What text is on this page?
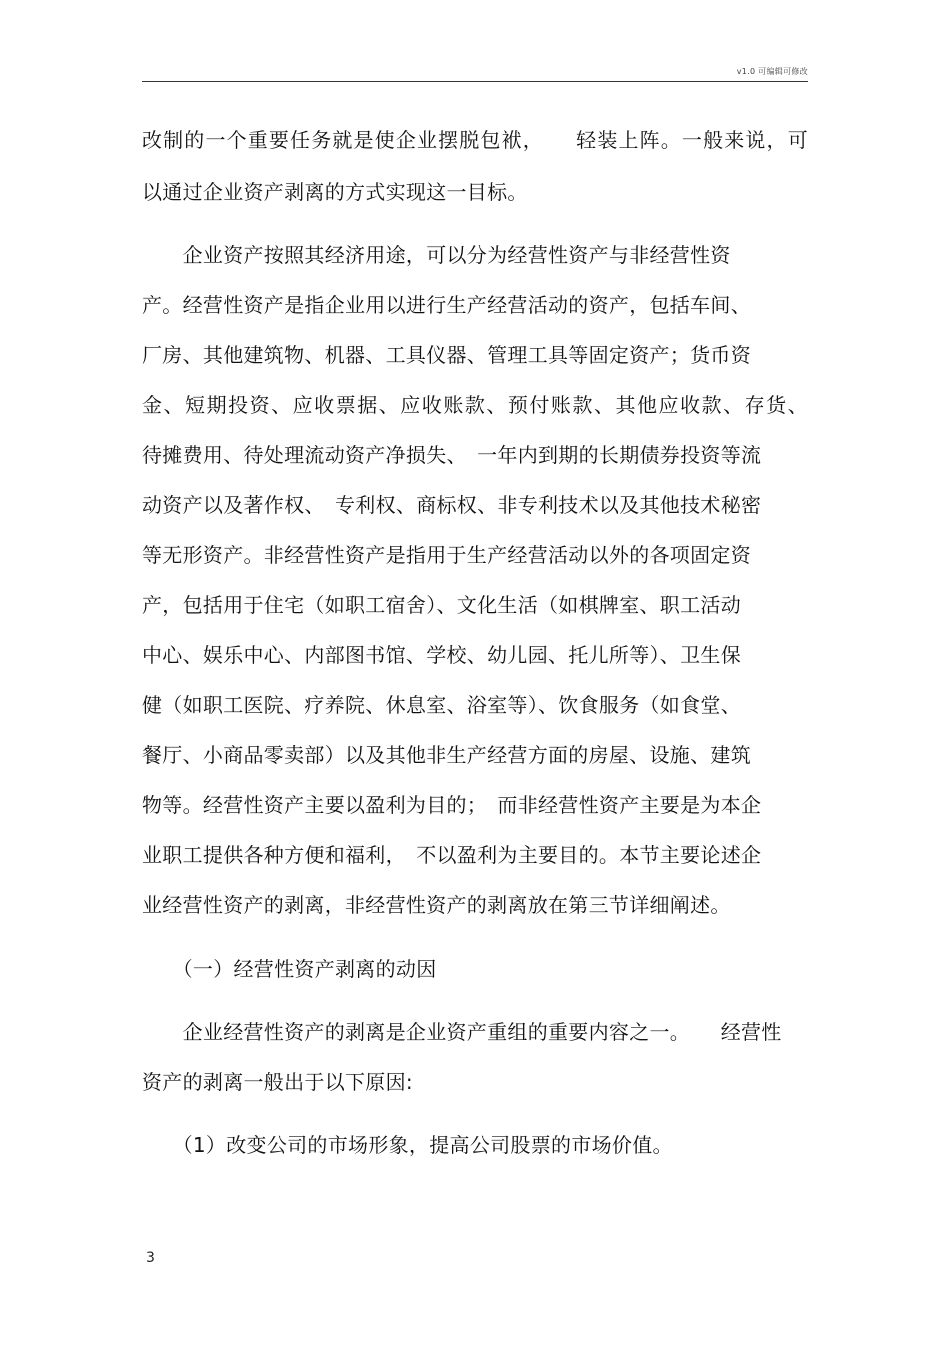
v1.0 可编辑可修改
改制的一个重要任务就是使企业摆脱包袱，　　轻装上阵。一般来说，可
以通过企业资产剥离的方式实现这一目标。
　　企业资产按照其经济用途，可以分为经营性资产与非经营性资
产。经营性资产是指企业用以进行生产经营活动的资产，包括车间、
厂房、其他建筑物、机器、工具仪器、管理工具等固定资产；货币资
金、短期投资、应收票据、应收账款、预付账款、其他应收款、存货、
待摊费用、待处理流动资产净损失、　一年内到期的长期债券投资等流
动资产以及著作权、　专利权、商标权、非专利技术以及其他技术秘密
等无形资产。非经营性资产是指用于生产经营活动以外的各项固定资
产，包括用于住宅（如职工宿舍）、文化生活（如棋牌室、职工活动
中心、娱乐中心、内部图书馆、学校、幼儿园、托儿所等）、卫生保
健（如职工医院、疗养院、休息室、浴室等）、饮食服务（如食堂、
餐厅、小商品零卖部）以及其他非生产经营方面的房屋、设施、建筑
物等。经营性资产主要以盈利为目的；　而非经营性资产主要是为本企
业职工提供各种方便和福利，　不以盈利为主要目的。本节主要论述企
业经营性资产的剥离，非经营性资产的剥离放在第三节详细阐述。
　　（一）经营性资产剥离的动因
　　企业经营性资产的剥离是企业资产重组的重要内容之一。　　经营性
资产的剥离一般出于以下原因:
　　（1）改变公司的市场形象，提高公司股票的市场价值。
3
